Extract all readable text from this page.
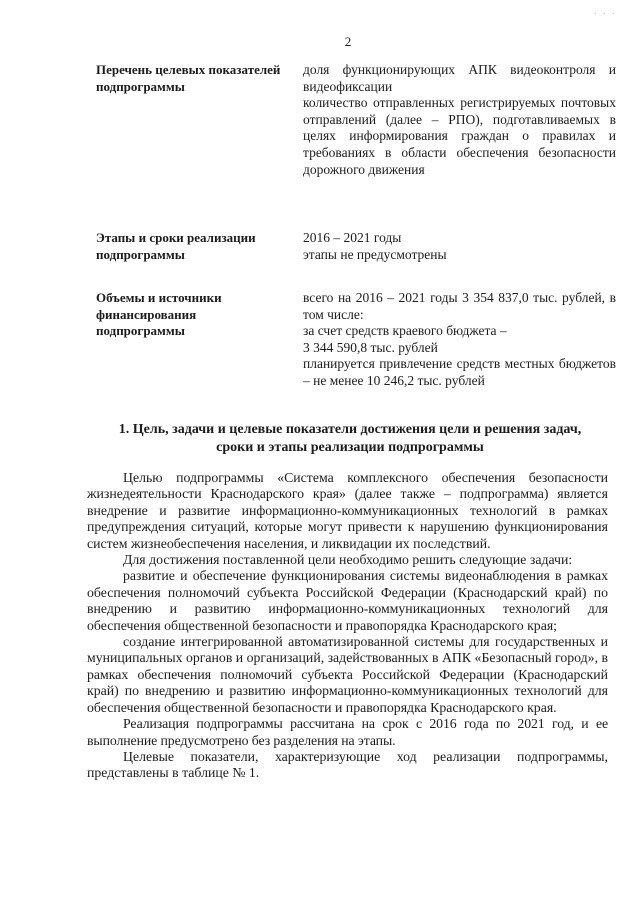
. . .
2
Перечень целевых показателей подпрограммы
доля функционирующих АПК видеоконтроля и видеофиксации
количество отправленных регистрируемых почтовых отправлений (далее – РПО), подготавливаемых в целях информирования граждан о правилах и требованиях в области обеспечения безопасности дорожного движения
Этапы и сроки реализации подпрограммы
2016 – 2021 годы
этапы не предусмотрены
Объемы и источники финансирования подпрограммы
всего на 2016 – 2021 годы 3 354 837,0 тыс. рублей, в том числе:
за счет средств краевого бюджета –
3 344 590,8 тыс. рублей
планируется привлечение средств местных бюджетов – не менее 10 246,2 тыс. рублей
1. Цель, задачи и целевые показатели достижения цели и решения задач, сроки и этапы реализации подпрограммы

Целью подпрограммы «Система комплексного обеспечения безопасности жизнедеятельности Краснодарского края» (далее также – подпрограмма) является внедрение и развитие информационно-коммуникационных технологий в рамках предупреждения ситуаций, которые могут привести к нарушению функционирования систем жизнеобеспечения населения, и ликвидации их последствий.

Для достижения поставленной цели необходимо решить следующие задачи:

развитие и обеспечение функционирования системы видеонаблюдения в рамках обеспечения полномочий субъекта Российской Федерации (Краснодарский край) по внедрению и развитию информационно-коммуникационных технологий для обеспечения общественной безопасности и правопорядка Краснодарского края;

создание интегрированной автоматизированной системы для государственных и муниципальных органов и организаций, задействованных в АПК «Безопасный город», в рамках обеспечения полномочий субъекта Российской Федерации (Краснодарский край) по внедрению и развитию информационно-коммуникационных технологий для обеспечения общественной безопасности и правопорядка Краснодарского края.

Реализация подпрограммы рассчитана на срок с 2016 года по 2021 год, и ее выполнение предусмотрено без разделения на этапы.

Целевые показатели, характеризующие ход реализации подпрограммы, представлены в таблице № 1.
